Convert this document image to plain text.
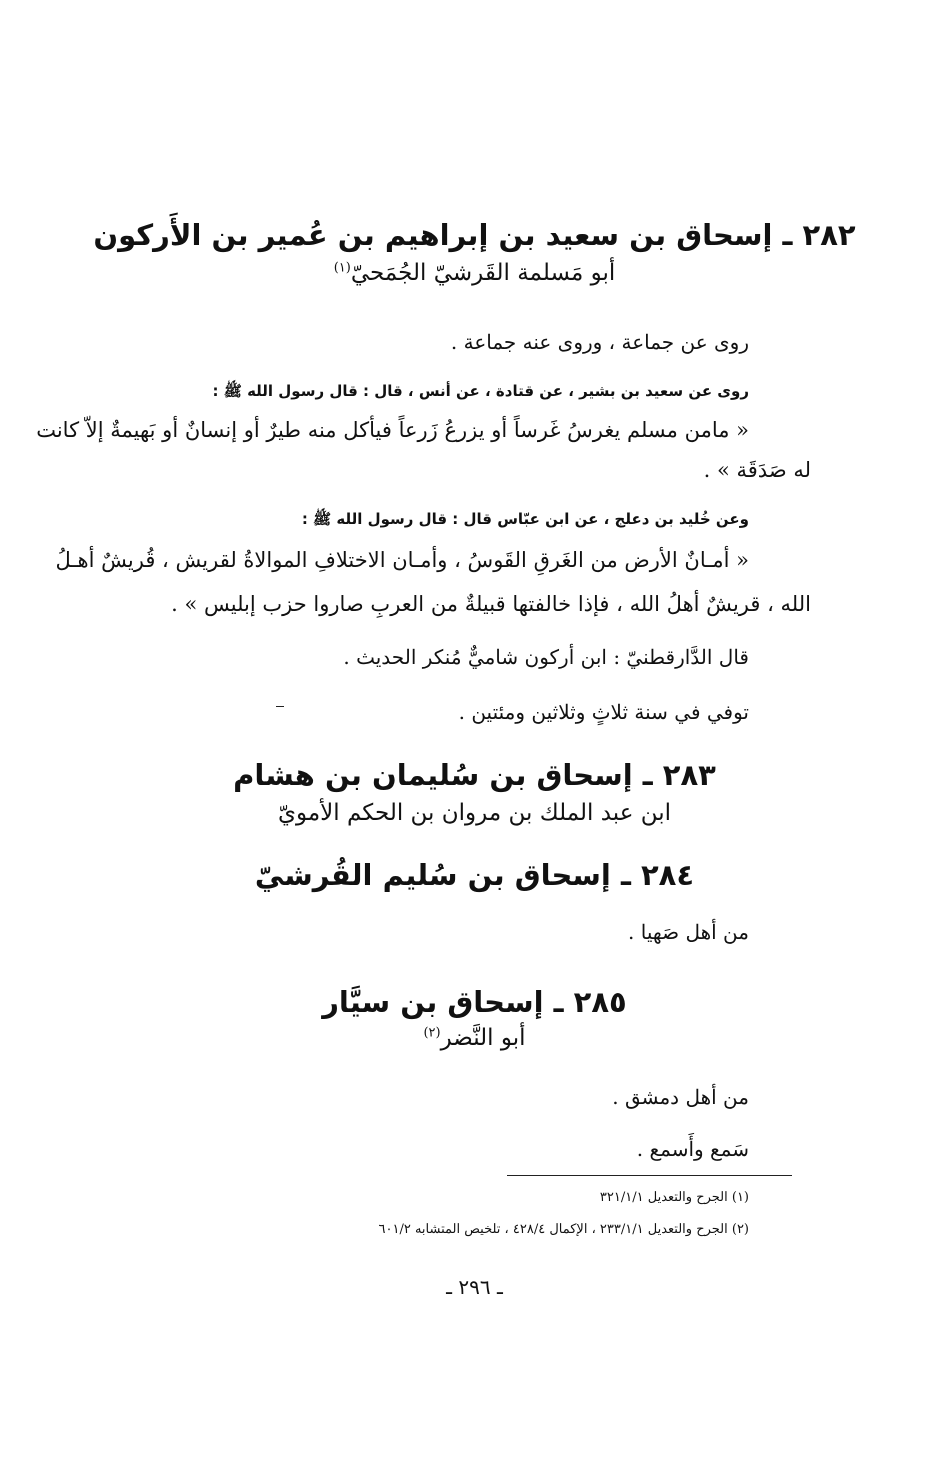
٢٨٢ ـ إسحاق بن سعيد بن إبراهيم بن عُمير بن الأَركون
أبو مَسلمة القَرشيّ الجُمَحيّ$^{(١)}$

روى عن جماعة ، وروى عنه جماعة .

روى عن سعيد بن بشير ، عن قتادة ، عن أنس ، قال : قال رسول الله ﷺ :

« مامن مسلم يغرسُ غَرساً أو يزرعُ زَرعاً فيأكل منه طيرٌ أو إنسانٌ أو بَهيمةٌ إلاّ كانت

له صَدَقَة » .

وعن خُليد بن دعلج ، عن ابن عبّاس قال : قال رسول الله ﷺ :

« أمـانٌ الأرض من الغَرقِ القَوسُ ، وأمـان الاختلافِ الموالاةُ لقريش ، قُريشٌ أهـلُ

الله ، قريشٌ أهلُ الله ، فإذا خالفتها قبيلةٌ من العربِ صاروا حزب إبليس » .

قال الدَّارقطنيّ : ابن أركون شاميٌّ مُنكر الحديث .

توفي في سنة ثلاثٍ وثلاثين ومئتين .

٢٨٣ ـ إسحاق بن سُليمان بن هشام
ابن عبد الملك بن مروان بن الحكم الأمويّ
٢٨٤ ـ إسحاق بن سُليم القُرشيّ

من أهل صَهيا .

٢٨٥ ـ إسحاق بن سيَّار
أبو النَّضر$^{(٢)}$

من أهل دمشق .

سَمع وأَسمع .

(١) الجرح والتعديل ٣٢١/١/١

(٢) الجرح والتعديل ٢٣٣/١/١ ، الإكمال ٤٢٨/٤ ، تلخيص المتشابه ٦٠١/٢

ـ ٢٩٦ ـ
